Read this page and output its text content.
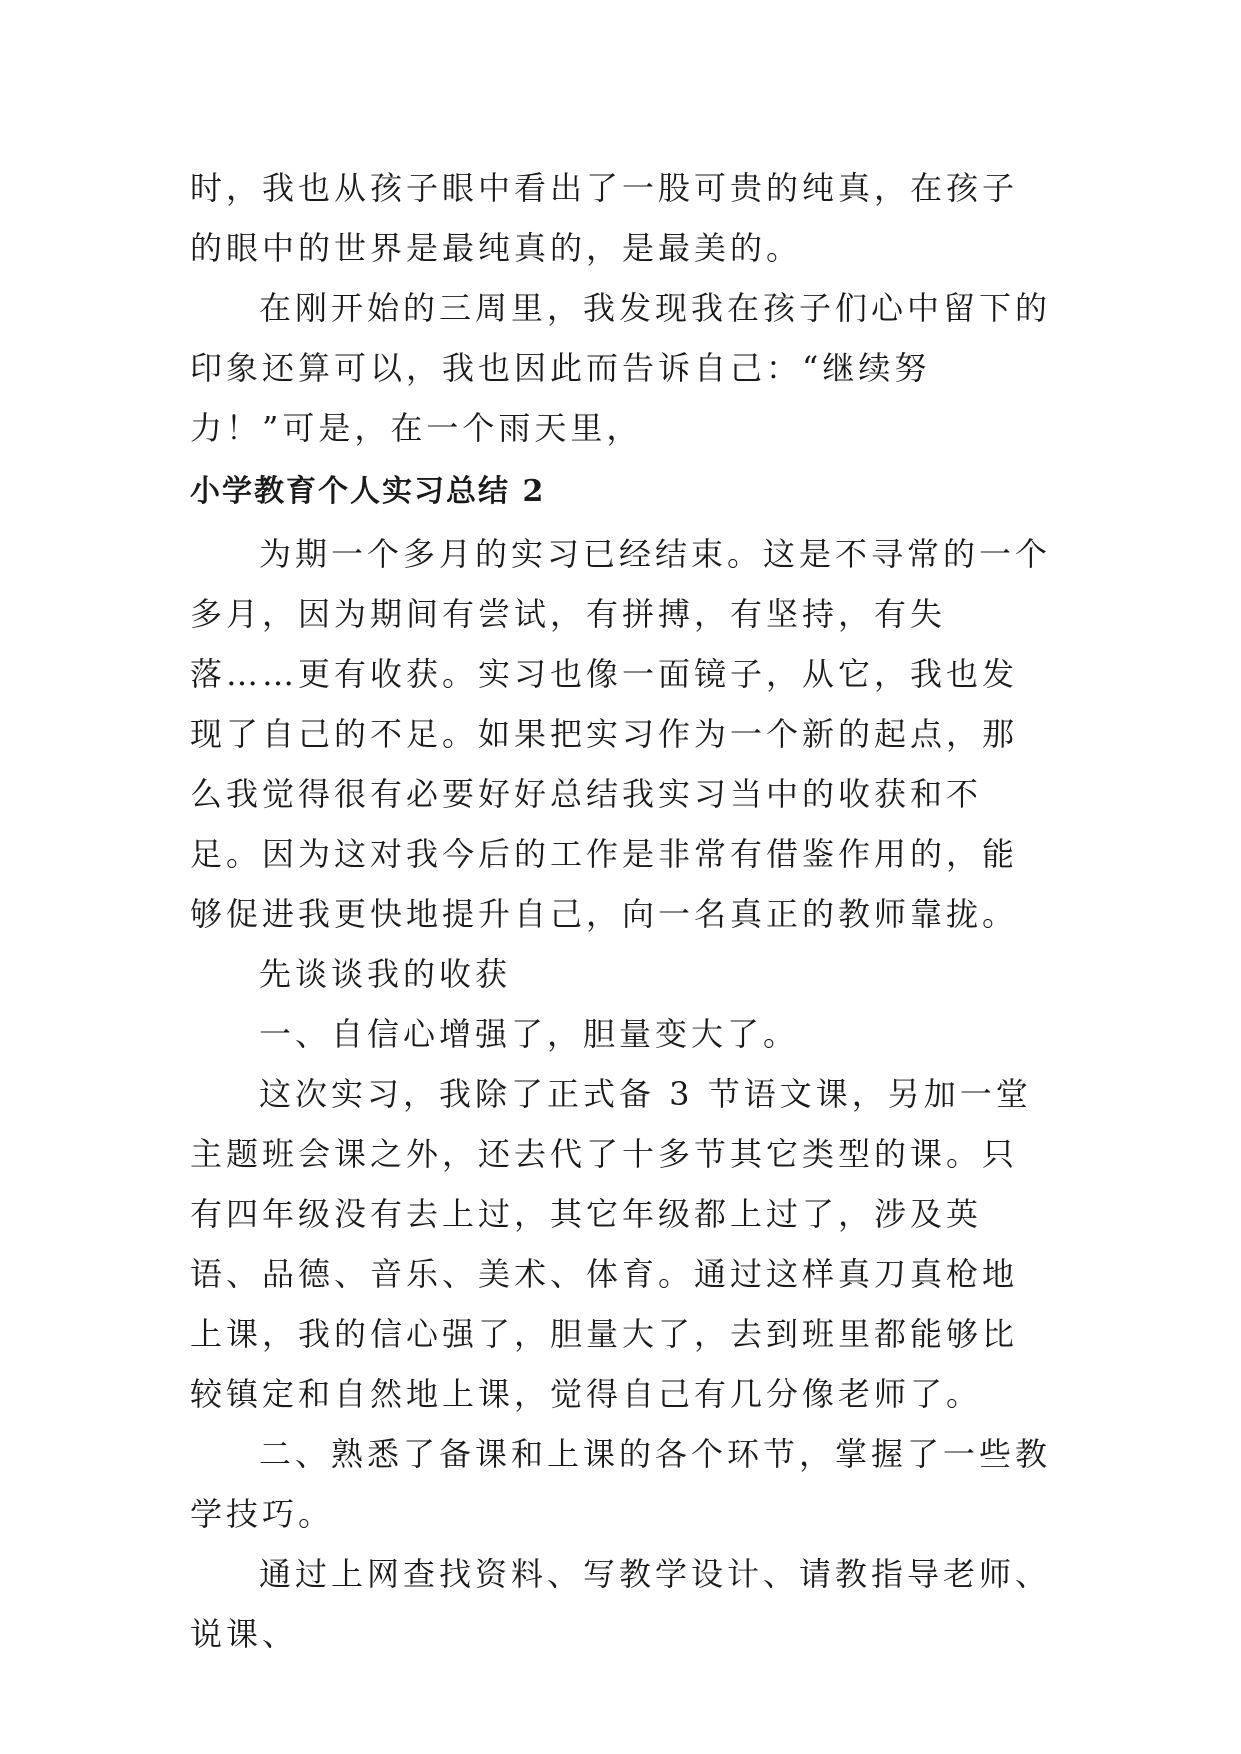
时，我也从孩子眼中看出了一股可贵的纯真，在孩子的眼中的世界是最纯真的，是最美的。

在刚开始的三周里，我发现我在孩子们心中留下的印象还算可以，我也因此而告诉自己：“继续努力！”可是，在一个雨天里，

小学教育个人实习总结 2

为期一个多月的实习已经结束。这是不寻常的一个多月，因为期间有尝试，有拼搏，有坚持，有失落……更有收获。实习也像一面镜子，从它，我也发现了自己的不足。如果把实习作为一个新的起点，那么我觉得很有必要好好总结我实习当中的收获和不足。因为这对我今后的工作是非常有借鉴作用的，能够促进我更快地提升自己，向一名真正的教师靠拢。

先谈谈我的收获

一、自信心增强了，胆量变大了。

这次实习，我除了正式备 3 节语文课，另加一堂主题班会课之外，还去代了十多节其它类型的课。只有四年级没有去上过，其它年级都上过了，涉及英语、品德、音乐、美术、体育。通过这样真刀真枪地上课，我的信心强了，胆量大了，去到班里都能够比较镇定和自然地上课，觉得自己有几分像老师了。

二、熟悉了备课和上课的各个环节，掌握了一些教学技巧。

通过上网查找资料、写教学设计、请教指导老师、说课、
